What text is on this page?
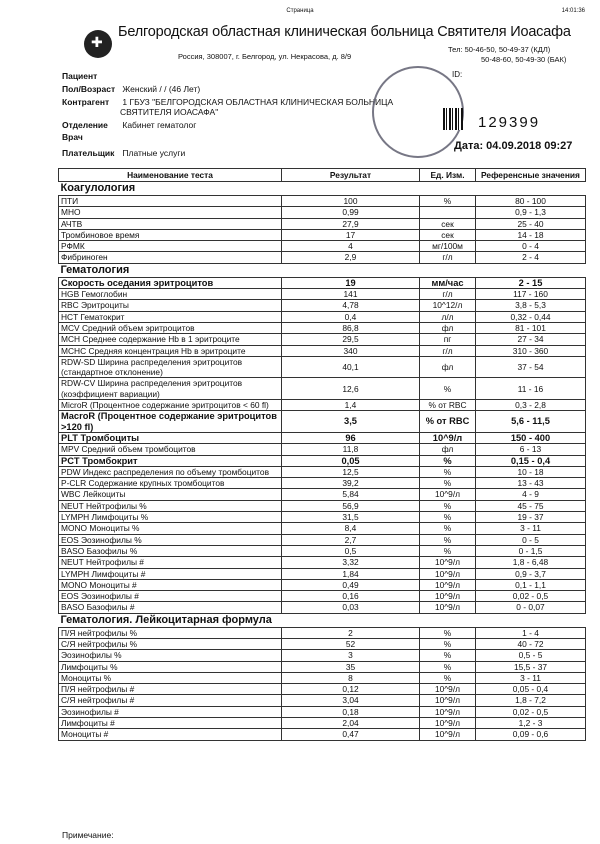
Страница	14:01:36
✚
Белгородская областная клиническая больница Святителя Иоасафа
Россия, 308007, г. Белгород, ул. Некрасова, д. 8/9
Тел: 50-46-50, 50-49-37 (КДЛ)
50-48-60, 50-49-30 (БАК)
Пациент
Пол/Возраст Женский / / (46 Лет)
Контрагент 1 ГБУЗ "БЕЛГОРОДСКАЯ ОБЛАСТНАЯ КЛИНИЧЕСКАЯ БОЛЬНИЦА
СВЯТИТЕЛЯ ИОАСАФА"
Отделение Кабинет гематолог
Врач
Плательщик Платные услуги
ID:
129399
Дата: 04.09.2018 09:27
Наименование теста	Результат	Ед. Изм.	Референсные значения
Коагулология			
ПТИ	100	%	80 - 100
МНО	0,99		0,9 - 1,3
АЧТВ	27,9	сек	25 - 40
Тромбиновое время	17	сек	14 - 18
РФМК	4	мг/100м	0 - 4
Фибриноген	2,9	г/л	2 - 4
Гематология			
Скорость оседания эритроцитов	19	мм/час	2 - 15
HGB Гемоглобин	141	г/л	117 - 160
RBC Эритроциты	4,78	10^12/л	3,8 - 5,3
HCT Гематокрит	0,4	л/л	0,32 - 0,44
MCV Средний объем эритроцитов	86,8	фл	81 - 101
MCH Среднее содержание Hb в 1 эритроците	29,5	пг	27 - 34
MCHC Средняя концентрация Hb в эритроците	340	г/л	310 - 360
RDW-SD Ширина распределения эритроцитов (стандартное отклонение)	40,1	фл	37 - 54
RDW-CV Ширина распределения эритроцитов (коэффициент вариации)	12,6	%	11 - 16
MicroR (Процентное содержание эритроцитов < 60 fl)	1,4	% от RBC	0,3 - 2,8
MacroR (Процентное содержание эритроцитов >120 fl)	3,5	% от RBC	5,6 - 11,5
PLT Тромбоциты	96	10^9/л	150 - 400
MPV Средний объем тромбоцитов	11,8	фл	6 - 13
PCT Тромбокрит	0,05	%	0,15 - 0,4
PDW Индекс распределения по объему тромбоцитов	12,5	%	10 - 18
P-CLR Содержание крупных тромбоцитов	39,2	%	13 - 43
WBC Лейкоциты	5,84	10^9/л	4 - 9
NEUT Нейтрофилы %	56,9	%	45 - 75
LYMPH Лимфоциты %	31,5	%	19 - 37
MONO Моноциты %	8,4	%	3 - 11
EOS Эозинофилы %	2,7	%	0 - 5
BASO Базофилы %	0,5	%	0 - 1,5
NEUT Нейтрофилы #	3,32	10^9/л	1,8 - 6,48
LYMPH Лимфоциты #	1,84	10^9/л	0,9 - 3,7
MONO Моноциты #	0,49	10^9/л	0,1 - 1,1
EOS Эозинофилы #	0,16	10^9/л	0,02 - 0,5
BASO Базофилы #	0,03	10^9/л	0 - 0,07
Гематология. Лейкоцитарная формула			
П/Я нейтрофилы %	2	%	1 - 4
С/Я нейтрофилы %	52	%	40 - 72
Эозинофилы %	3	%	0,5 - 5
Лимфоциты %	35	%	15,5 - 37
Моноциты %	8	%	3 - 11
П/Я нейтрофилы #	0,12	10^9/л	0,05 - 0,4
С/Я нейтрофилы #	3,04	10^9/л	1,8 - 7,2
Эозинофилы #	0,18	10^9/л	0,02 - 0,5
Лимфоциты #	2,04	10^9/л	1,2 - 3
Моноциты #	0,47	10^9/л	0,09 - 0,6
Примечание:
